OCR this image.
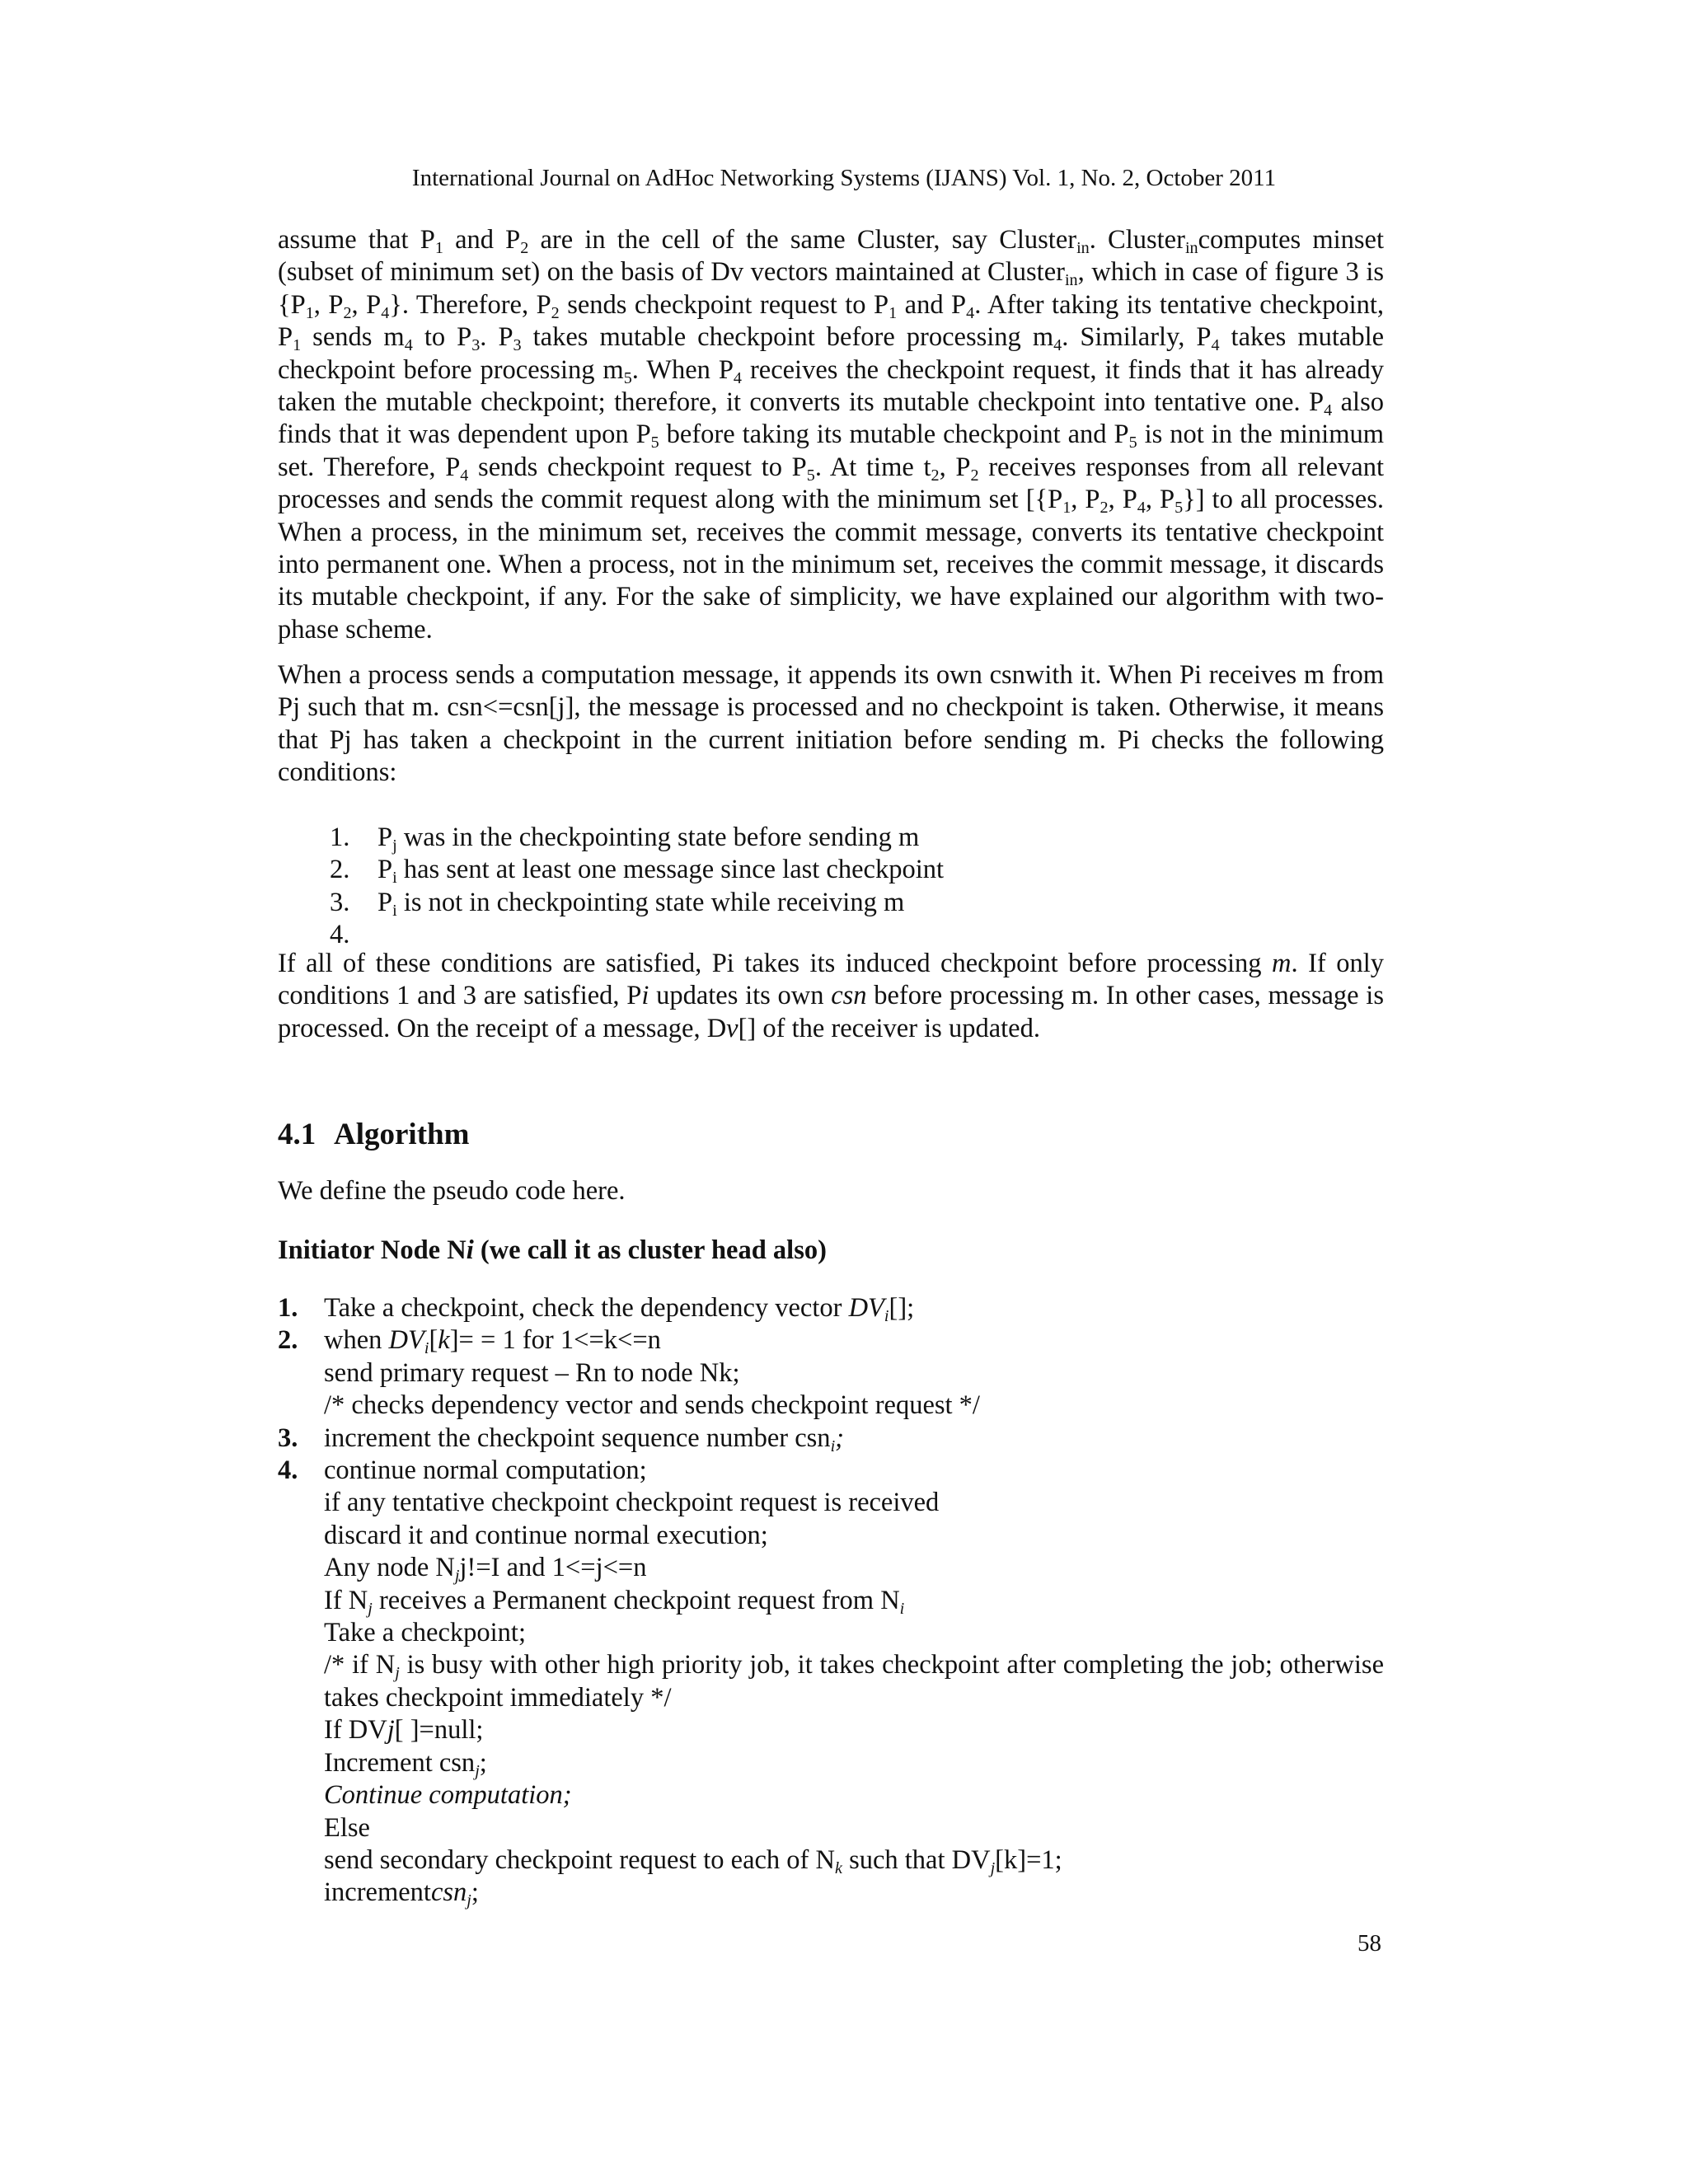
International Journal on AdHoc Networking Systems (IJANS) Vol. 1, No. 2, October 2011
assume that $P_1$ and $P_2$ are in the cell of the same Cluster, say Cluster$_{in}$. Cluster$_{in}$computes minset (subset of minimum set) on the basis of Dv vectors maintained at Cluster$_{in}$, which in case of figure 3 is {$P_1$, $P_2$, $P_4$}. Therefore, $P_2$ sends checkpoint request to $P_1$ and $P_4$. After taking its tentative checkpoint, $P_1$ sends $m_4$ to $P_3$. $P_3$ takes mutable checkpoint before processing $m_4$. Similarly, $P_4$ takes mutable checkpoint before processing $m_5$. When $P_4$ receives the checkpoint request, it finds that it has already taken the mutable checkpoint; therefore, it converts its mutable checkpoint into tentative one. $P_4$ also finds that it was dependent upon $P_5$ before taking its mutable checkpoint and $P_5$ is not in the minimum set. Therefore, $P_4$ sends checkpoint request to $P_5$. At time $t_2$, $P_2$ receives responses from all relevant processes and sends the commit request along with the minimum set [{$P_1$, $P_2$, $P_4$, $P_5$}] to all processes. When a process, in the minimum set, receives the commit message, converts its tentative checkpoint into permanent one. When a process, not in the minimum set, receives the commit message, it discards its mutable checkpoint, if any. For the sake of simplicity, we have explained our algorithm with two-phase scheme.
When a process sends a computation message, it appends its own csnwith it. When Pi receives m from Pj such that m. csn<=csn[j], the message is processed and no checkpoint is taken. Otherwise, it means that Pj has taken a checkpoint in the current initiation before sending m. Pi checks the following conditions:
1.	$P_j$ was in the checkpointing state before sending m
2.	$P_i$ has sent at least one message since last checkpoint
3.	$P_i$ is not in checkpointing state while receiving m
4.
If all of these conditions are satisfied, Pi takes its induced checkpoint before processing m. If only conditions 1 and 3 are satisfied, Pi updates its own csn before processing m. In other cases, message is processed. On the receipt of a message, Dv[] of the receiver is updated.
4.1 Algorithm
We define the pseudo code here.
Initiator Node Ni (we call it as cluster head also)
1. Take a checkpoint, check the dependency vector $DV_i[]$;
2. when $DV_i[k]= = 1$ for 1<=k<=n
send primary request – Rn to node Nk;
/* checks dependency vector and sends checkpoint request */
3. increment the checkpoint sequence number csn$_i$;
4. continue normal computation;
if any tentative checkpoint checkpoint request is received
discard it and continue normal execution;
Any node $N_jj!=I$ and 1<=j<=n
If $N_j$ receives a Permanent checkpoint request from $N_i$
Take a checkpoint;
/* if $N_j$ is busy with other high priority job, it takes checkpoint after completing the job; otherwise takes checkpoint immediately */
If DVj[ ]=null;
Increment csn$_j$;
Continue computation;
Else
send secondary checkpoint request to each of $N_k$ such that $DV_j[k]=1$;
incrementcsn$_j$;
58
